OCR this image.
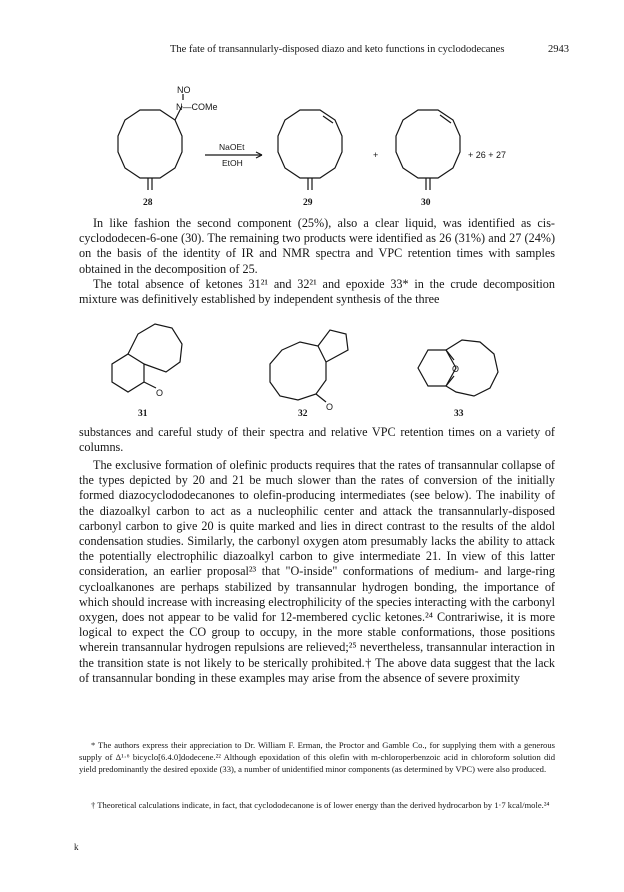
The fate of transannularly-disposed diazo and keto functions in cyclododecanes	2943
NO
N—COMe
NaOEt
EtOH
+	+ 26 + 27
28	29	30

In like fashion the second component (25%), also a clear liquid, was identified as cis-cyclododecen-6-one (30). The remaining two products were identified as 26 (31%) and 27 (24%) on the basis of the identity of IR and NMR spectra and VPC retention times with samples obtained in the decomposition of 25.

The total absence of ketones 31²¹ and 32²¹ and epoxide 33* in the crude decomposition mixture was definitively established by independent synthesis of the three

O
O
O
31	32	33

substances and careful study of their spectra and relative VPC retention times on a variety of columns.

The exclusive formation of olefinic products requires that the rates of transannular collapse of the types depicted by 20 and 21 be much slower than the rates of conversion of the initially formed diazocyclododecanones to olefin-producing intermediates (see below). The inability of the diazoalkyl carbon to act as a nucleophilic center and attack the transannularly-disposed carbonyl carbon to give 20 is quite marked and lies in direct contrast to the results of the aldol condensation studies. Similarly, the carbonyl oxygen atom presumably lacks the ability to attack the potentially electrophilic diazoalkyl carbon to give intermediate 21. In view of this latter consideration, an earlier proposal²³ that "O-inside" conformations of medium- and large-ring cycloalkanones are perhaps stabilized by transannular hydrogen bonding, the importance of which should increase with increasing electrophilicity of the species interacting with the carbonyl oxygen, does not appear to be valid for 12-membered cyclic ketones.²⁴ Contrariwise, it is more logical to expect the CO group to occupy, in the more stable conformations, those positions wherein transannular hydrogen repulsions are relieved;²⁵ nevertheless, transannular interaction in the transition state is not likely to be sterically prohibited.† The above data suggest that the lack of transannular bonding in these examples may arise from the absence of severe proximity

* The authors express their appreciation to Dr. William F. Erman, the Proctor and Gamble Co., for supplying them with a generous supply of Δ¹·⁶ bicyclo[6.4.0]dodecene.²² Although epoxidation of this olefin with m-chloroperbenzoic acid in chloroform solution did yield predominantly the desired epoxide (33), a number of unidentified minor components (as determined by VPC) were also produced.

† Theoretical calculations indicate, in fact, that cyclododecanone is of lower energy than the derived hydrocarbon by 1·7 kcal/mole.²⁴

k
